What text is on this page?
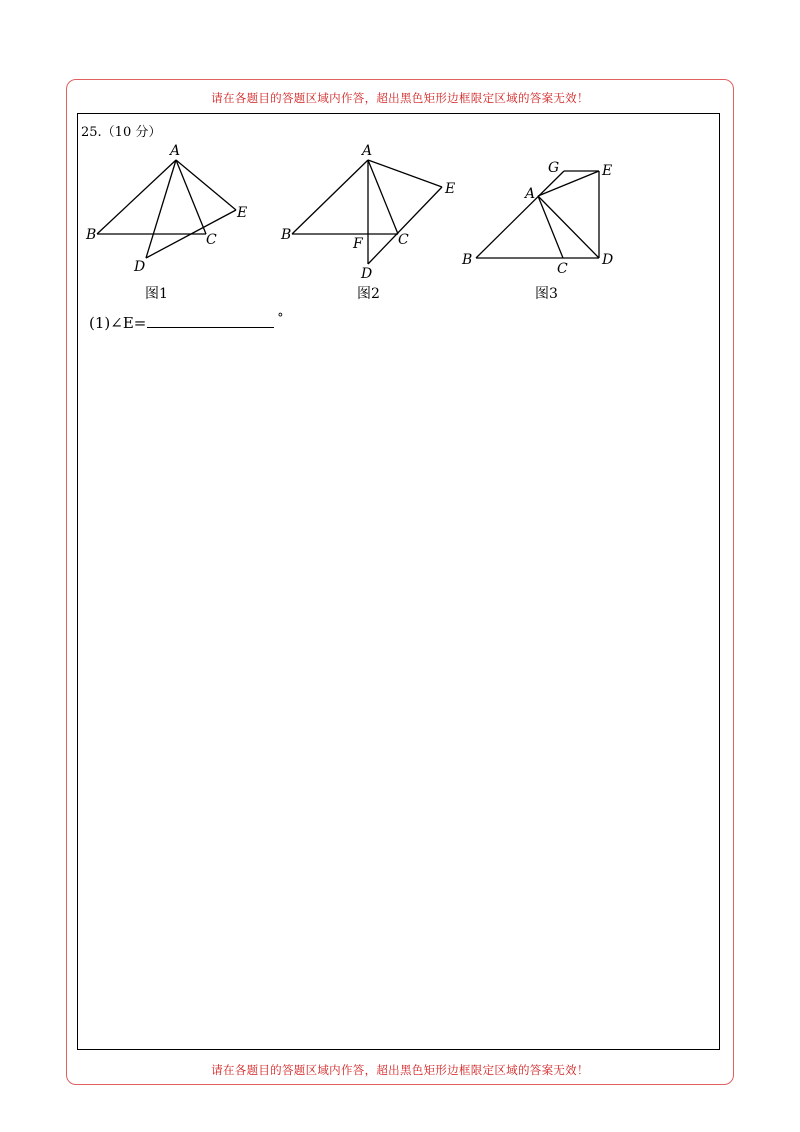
请在各题目的答题区域内作答，超出黑色矩形边框限定区域的答案无效！
请在各题目的答题区域内作答，超出黑色矩形边框限定区域的答案无效！
25.（10 分）
A
B	C
D
E
图1
A
B	C
D
E
F
图2
A
B
C
D
E
G
图3
(1)∠E=	°
